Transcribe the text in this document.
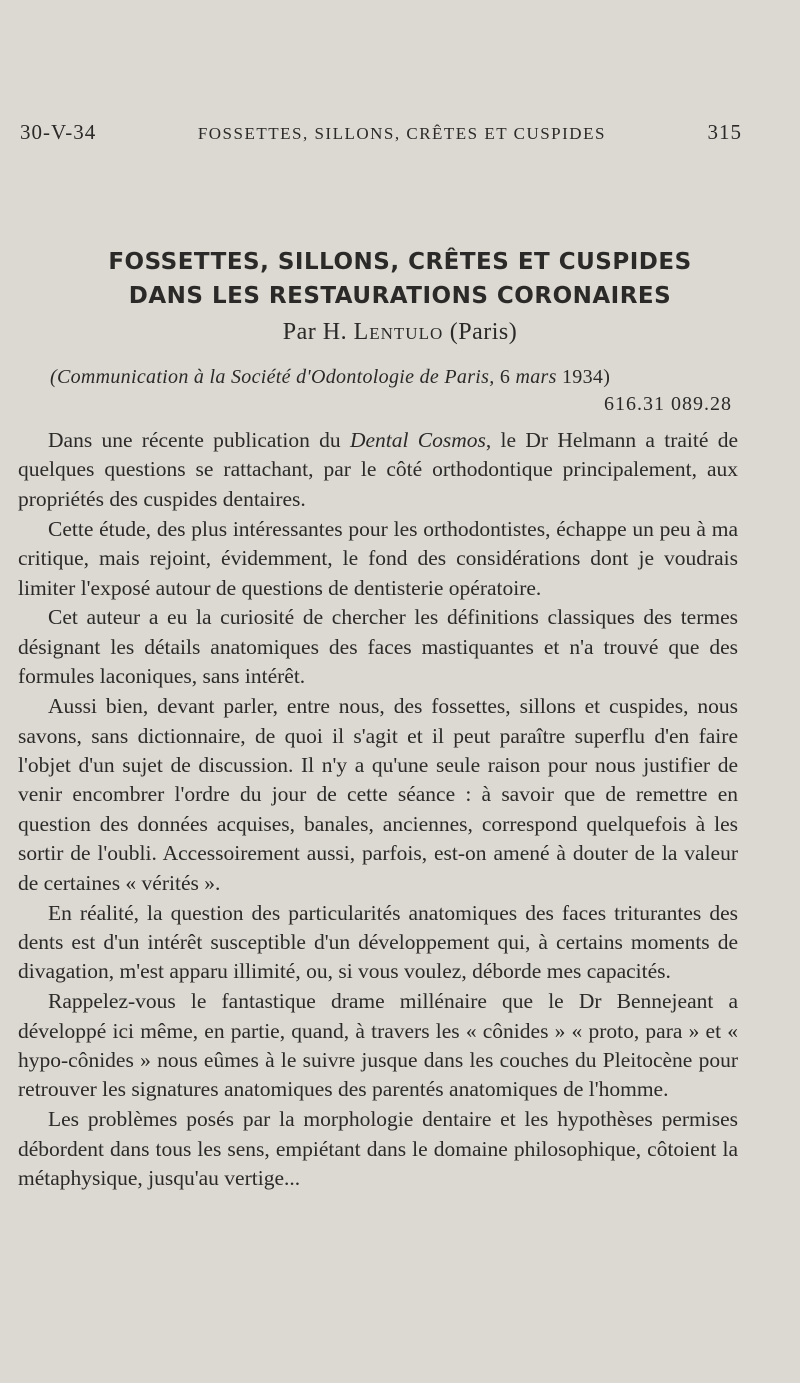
30-V-34	FOSSETTES, SILLONS, CRÊTES ET CUSPIDES	315
FOSSETTES, SILLONS, CRÊTES ET CUSPIDES
DANS LES RESTAURATIONS CORONAIRES
Par H. Lentulo (Paris)
(Communication à la Société d'Odontologie de Paris, 6 mars 1934)
616.31 089.28

Dans une récente publication du Dental Cosmos, le Dr Helmann a traité de quelques questions se rattachant, par le côté orthodontique principalement, aux propriétés des cuspides dentaires.

Cette étude, des plus intéressantes pour les orthodontistes, échappe un peu à ma critique, mais rejoint, évidemment, le fond des considérations dont je voudrais limiter l'exposé autour de questions de dentisterie opératoire.

Cet auteur a eu la curiosité de chercher les définitions classiques des termes désignant les détails anatomiques des faces mastiquantes et n'a trouvé que des formules laconiques, sans intérêt.

Aussi bien, devant parler, entre nous, des fossettes, sillons et cuspides, nous savons, sans dictionnaire, de quoi il s'agit et il peut paraître superflu d'en faire l'objet d'un sujet de discussion. Il n'y a qu'une seule raison pour nous justifier de venir encombrer l'ordre du jour de cette séance : à savoir que de remettre en question des données acquises, banales, anciennes, correspond quelquefois à les sortir de l'oubli. Accessoirement aussi, parfois, est-on amené à douter de la valeur de certaines « vérités ».

En réalité, la question des particularités anatomiques des faces triturantes des dents est d'un intérêt susceptible d'un développement qui, à certains moments de divagation, m'est apparu illimité, ou, si vous voulez, déborde mes capacités.

Rappelez-vous le fantastique drame millénaire que le Dr Bennejeant a développé ici même, en partie, quand, à travers les « cônides » « proto, para » et « hypo-cônides » nous eûmes à le suivre jusque dans les couches du Pleitocène pour retrouver les signatures anatomiques des parentés anatomiques de l'homme.

Les problèmes posés par la morphologie dentaire et les hypothèses permises débordent dans tous les sens, empiétant dans le domaine philosophique, côtoient la métaphysique, jusqu'au vertige...
